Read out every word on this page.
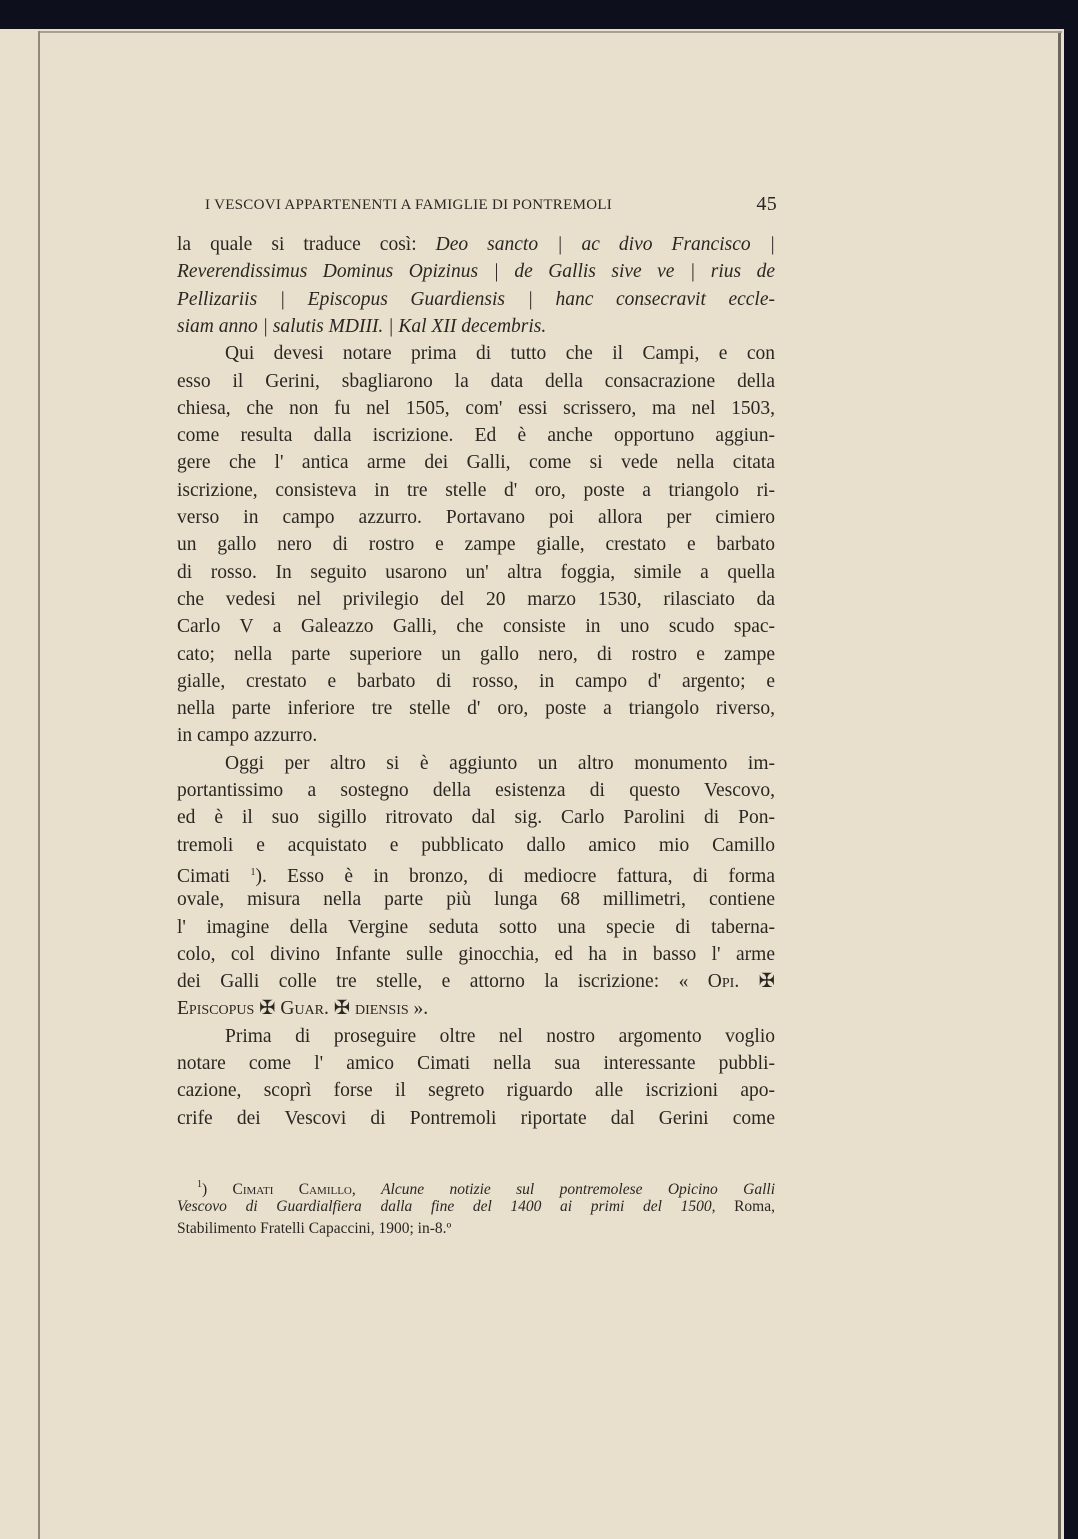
I VESCOVI APPARTENENTI A FAMIGLIE DI PONTREMOLI	45
la quale si traduce così: Deo sancto | ac divo Francisco |
Reverendissimus Dominus Opizinus | de Gallis sive ve | rius de
Pellizariis | Episcopus Guardiensis | hanc consecravit eccle-
siam anno | salutis MDIII. | Kal XII decembris.
Qui devesi notare prima di tutto che il Campi, e con
esso il Gerini, sbagliarono la data della consacrazione della
chiesa, che non fu nel 1505, com' essi scrissero, ma nel 1503,
come resulta dalla iscrizione. Ed è anche opportuno aggiun-
gere che l' antica arme dei Galli, come si vede nella citata
iscrizione, consisteva in tre stelle d' oro, poste a triangolo ri-
verso in campo azzurro. Portavano poi allora per cimiero
un gallo nero di rostro e zampe gialle, crestato e barbato
di rosso. In seguito usarono un' altra foggia, simile a quella
che vedesi nel privilegio del 20 marzo 1530, rilasciato da
Carlo V a Galeazzo Galli, che consiste in uno scudo spac-
cato; nella parte superiore un gallo nero, di rostro e zampe
gialle, crestato e barbato di rosso, in campo d' argento; e
nella parte inferiore tre stelle d' oro, poste a triangolo riverso,
in campo azzurro.
Oggi per altro si è aggiunto un altro monumento im-
portantissimo a sostegno della esistenza di questo Vescovo,
ed è il suo sigillo ritrovato dal sig. Carlo Parolini di Pon-
tremoli e acquistato e pubblicato dallo amico mio Camillo
Cimati $^1$). Esso è in bronzo, di mediocre fattura, di forma
ovale, misura nella parte più lunga 68 millimetri, contiene
l' imagine della Vergine seduta sotto una specie di taberna-
colo, col divino Infante sulle ginocchia, ed ha in basso l' arme
dei Galli colle tre stelle, e attorno la iscrizione: « Opi. ✠
Episcopus ✠ Guar. ✠ diensis ».
Prima di proseguire oltre nel nostro argomento voglio
notare come l' amico Cimati nella sua interessante pubbli-
cazione, scoprì forse il segreto riguardo alle iscrizioni apo-
crife dei Vescovi di Pontremoli riportate dal Gerini come
$^1$) Cimati Camillo, Alcune notizie sul pontremolese Opicino Galli
Vescovo di Guardialfiera dalla fine del 1400 ai primi del 1500, Roma,
Stabilimento Fratelli Capaccini, 1900; in-8.º
